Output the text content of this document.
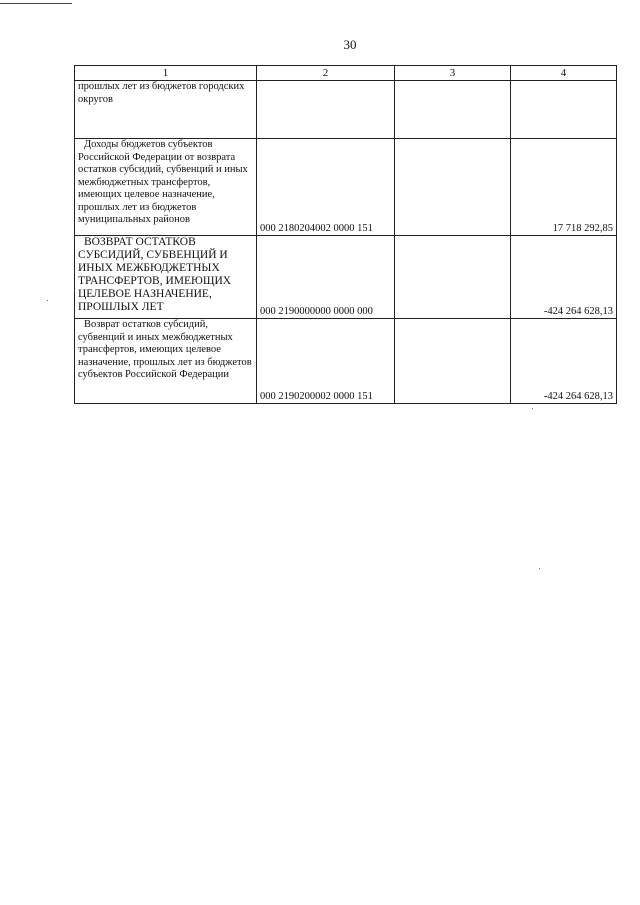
30
1	2	3	4
прошлых лет из бюджетов городских округов			
Доходы бюджетов субъектов Российской Федерации от возврата остатков субсидий, субвенций и иных межбюджетных трансфертов, имеющих целевое назначение, прошлых лет из бюджетов муниципальных районов	000 2180204002 0000 151		17 718 292,85
ВОЗВРАТ ОСТАТКОВ СУБСИДИЙ, СУБВЕНЦИЙ И ИНЫХ МЕЖБЮДЖЕТНЫХ ТРАНСФЕРТОВ, ИМЕЮЩИХ ЦЕЛЕВОЕ НАЗНАЧЕНИЕ, ПРОШЛЫХ ЛЕТ	000 2190000000 0000 000		-424 264 628,13
Возврат остатков субсидий, субвенций и иных межбюджетных трансфертов, имеющих целевое назначение, прошлых лет из бюджетов субъектов Российской Федерации	000 2190200002 0000 151		-424 264 628,13
